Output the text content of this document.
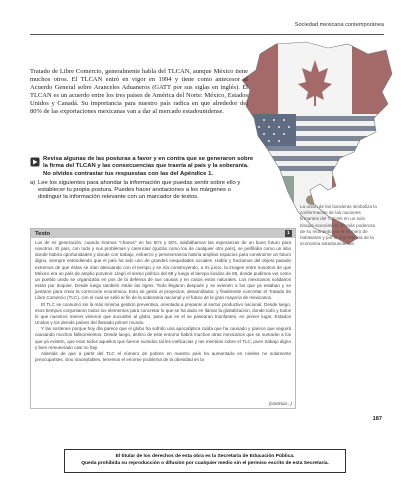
Sociedad mexicana contemporánea

Tratado de Libre Comercio, generalmente habla del TLCAN, aunque México tiene muchos otros. El TLCAN entró en vigor en 1994 y tiene como antecesor al Acuerdo General sobre Aranceles Aduaneros (GATT por sus siglas en inglés). El TLCAN es un acuerdo entre los tres países de América del Norte: México, Estados Unidos y Canadá. Su importancia para nuestro país radica en que alrededor del 80% de las exportaciones mexicanas van a dar al mercado estadounidense.

Revisa algunas de las posturas a favor y en contra que se generaron sobre la firma del TLCAN y las consecuencias que traería al país y la soberanía. No olvides contrastar tus respuestas con las del Apéndice 1.

a) Lee los siguientes para ahondar la información que puedas sentir sobre ello y establecer tu propia postura. Puedes hacer anotaciones a los márgenes o distinguir la información relevante con un marcador de textos.

La unión de las banderas simboliza la conformación de las naciones firmantes del TLCAN en un solo bloque económico: 10 más poderoso de su momento por el número de habitantes y por la importancia de la economía estadounidense.
Texto	1

Los de mi generación, cuando éramos "chavos" en los 50's y 60's, atisbábamos las esperanzas de un buen futuro para nosotros. El país, con todo y sus problemas y carencias (quizás como los de cualquier otro país), se perfilaba como un sitio donde habría oportunidades y donde con trabajo, esfuerzo y perseverancia habría amplios espacios para construirse un futuro digno, siempre entendiendo que el país ha sido uno de grandes inequidades sociales. Había y hacíamos del objeto pasado extremos de que éstas se irían atenuando con el tiempo y se iría construyendo, a mi juicio, la imagen entre nosotros de que México era un país de amplio porvenir. Llegó el sismo político del 68 y luego el tiempo lúcidos de 85, donde pudimos ver como un pueblo unido se organizaba en pos de la defensa de sus causas y en casos estos naturales. Los mexicanos solidarios están por doquier. Desde luego también están las tigres. Todo llegaron después y se avienen a los que ya estaban y se juntaron para crear la corrección económica. Esto se gestó al proyectos, desarrollador, y finalmente concretar el Tratado de Libre Comercio (TLC), con el cual se selló el fin de la soberanía nacional y el futuro de la gran mayoría de mexicanos.

El TLC se consumó sin la más mínima gestión preventiva, orientada a preparar al sector productivo nacional. Desde luego, esos tiempos conjuntaron todos los elementos para concretar lo que se ha dado en llamar la globalización, donde todo y todos lo que nuestros menos vinieron que sucumbir al globo, para que en el se pasearan triunfantes, en primer lugar, Estados Unidos y los demás países del llamado primer mundo.

Y las sostenes porque hoy día parece que el globo ha sufrido una apocalíptica caída que ha causado y parece que seguirá causando muchos fallecimientos. Desde luego, dentro de este entorno habrá muchos otras mexicanos que se sumarán a los que ya existen, que eran todos aquellos que fueron sumidos tal les ineficacias y las mentiras sobre el TLC, pues trabajo digno y bien remunerado casi no hay.

Además de que a partir del TLC el número de pobres en nuestro país ha aumentado en niveles no solamente preocupantes, sino inaceptables, tenemos el enorme problema de la obesidad en la

(continúa...)
187
El titular de los derechos de esta obra es la Secretaría de Educación Pública.
Queda prohibida su reproducción o difusión por cualquier medio sin el permiso escrito de esta Secretaría.
